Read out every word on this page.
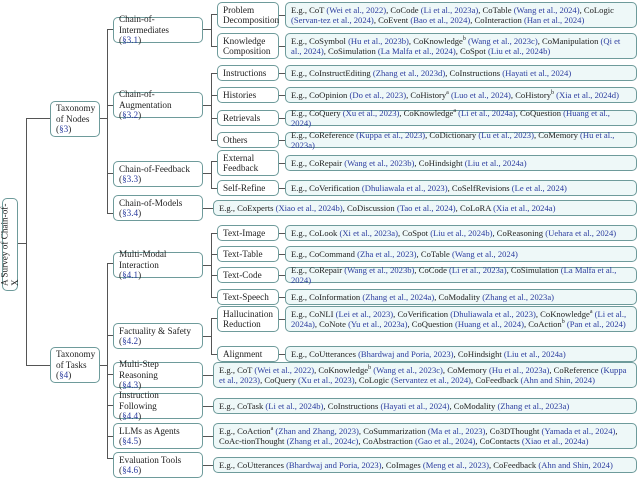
A Survey of Chain-of-X
Taxonomy
of Nodes
(§3)
Taxonomy
of Tasks
(§4)
Chain-of-Intermediates
(§3.1)
Chain-of-Augmentation
(§3.2)
Chain-of-Feedback
(§3.3)
Chain-of-Models
(§3.4)
Multi-Modal Interaction
(§4.1)
Factuality & Safety
(§4.2)
Multi-Step Reasoning
(§4.3)
Instruction Following
(§4.4)
LLMs as Agents
(§4.5)
Evaluation Tools
(§4.6)
Problem
Decomposition
Knowledge
Composition
Instructions
Histories
Retrievals
Others
External
Feedback
Self-Refine
Text-Image
Text-Table
Text-Code
Text-Speech
Hallucination
Reduction
Alignment
E.g., CoT (Wei et al., 2022), CoCode (Li et al., 2023a), CoTable (Wang et al., 2024), CoLogic (Servan-tez et al., 2024), CoEvent (Bao et al., 2024), CoInteraction (Han et al., 2024)
E.g., CoSymbol (Hu et al., 2023b), CoKnowledge$^b$ (Wang et al., 2023c), CoManipulation (Qi et al., 2024), CoSimulation (La Malfa et al., 2024), CoSpot (Liu et al., 2024b)
E.g., CoInstructEditing (Zhang et al., 2023d), CoInstructions (Hayati et al., 2024)
E.g., CoOpinion (Do et al., 2023), CoHistory$^a$ (Luo et al., 2024), CoHistory$^b$ (Xia et al., 2024d)
E.g., CoQuery (Xu et al., 2023), CoKnowledge$^a$ (Li et al., 2024a), CoQuestion (Huang et al., 2024)
E.g., CoReference (Kuppa et al., 2023), CoDictionary (Lu et al., 2023), CoMemory (Hu et al., 2023a)
E.g., CoRepair (Wang et al., 2023b), CoHindsight (Liu et al., 2024a)
E.g., CoVerification (Dhuliawala et al., 2023), CoSelfRevisions (Le et al., 2024)
E.g., CoExperts (Xiao et al., 2024b), CoDiscussion (Tao et al., 2024), CoLoRA (Xia et al., 2024a)
E.g., CoLook (Xi et al., 2023a), CoSpot (Liu et al., 2024b), CoReasoning (Uehara et al., 2024)
E.g., CoCommand (Zha et al., 2023), CoTable (Wang et al., 2024)
E.g., CoRepair (Wang et al., 2023b), CoCode (Li et al., 2023a), CoSimulation (La Malfa et al., 2024)
E.g., CoInformation (Zhang et al., 2024a), CoModality (Zhang et al., 2023a)
E.g., CoNLI (Lei et al., 2023), CoVerification (Dhuliawala et al., 2023), CoKnowledge$^a$ (Li et al., 2024a), CoNote (Yu et al., 2023a), CoQuestion (Huang et al., 2024), CoAction$^b$ (Pan et al., 2024)
E.g., CoUtterances (Bhardwaj and Poria, 2023), CoHindsight (Liu et al., 2024a)
E.g., CoT (Wei et al., 2022), CoKnowledge$^b$ (Wang et al., 2023c), CoMemory (Hu et al., 2023a), CoReference (Kuppa et al., 2023), CoQuery (Xu et al., 2023), CoLogic (Servantez et al., 2024), CoFeedback (Ahn and Shin, 2024)
E.g., CoTask (Li et al., 2024b), CoInstructions (Hayati et al., 2024), CoModality (Zhang et al., 2023a)
E.g., CoAction$^a$ (Zhan and Zhang, 2023), CoSummarization (Ma et al., 2023), Co3DThought (Yamada et al., 2024), CoAc-tionThought (Zhang et al., 2024c), CoAbstraction (Gao et al., 2024), CoContacts (Xiao et al., 2024a)
E.g., CoUtterances (Bhardwaj and Poria, 2023), CoImages (Meng et al., 2023), CoFeedback (Ahn and Shin, 2024)
